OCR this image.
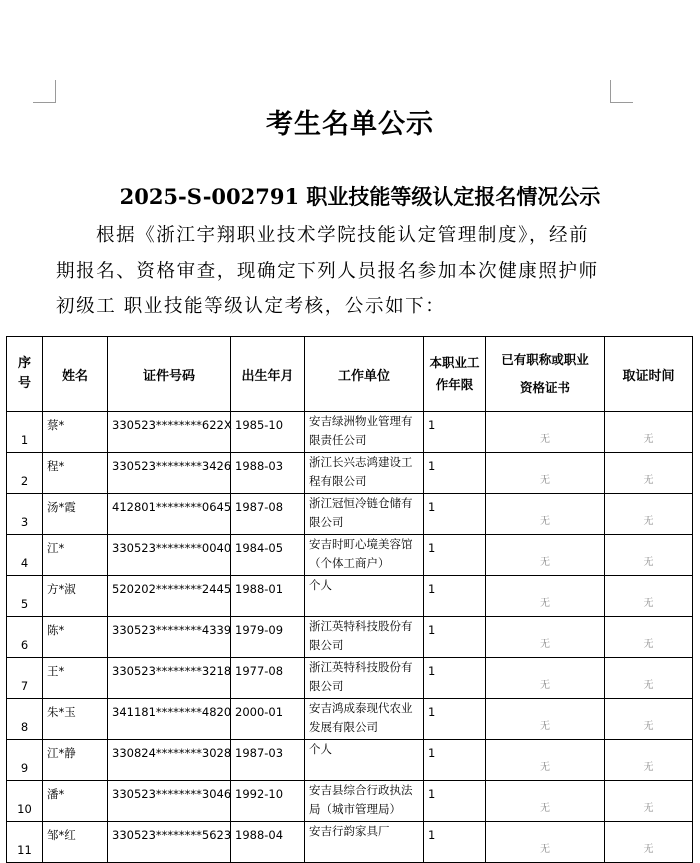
考生名单公示
2025-S-002791 职业技能等级认定报名情况公示

根据《浙江宇翔职业技术学院技能认定管理制度》，经前

期报名、资格审查，现确定下列人员报名参加本次健康照护师

初级工 职业技能等级认定考核，公示如下：

序号	姓名	证件号码	出生年月	工作单位	本职业工作年限	已有职称或职业资格证书	取证时间
1	蔡*	330523********622X	1985-10	安吉绿洲物业管理有限责任公司	1	无	无
2	程*	330523********3426	1988-03	浙江长兴志鸿建设工程有限公司	1	无	无
3	汤*霞	412801********0645	1987-08	浙江冠恒冷链仓储有限公司	1	无	无
4	江*	330523********0040	1984-05	安吉时町心境美容馆（个体工商户）	1	无	无
5	方*淑	520202********2445	1988-01	个人	1	无	无
6	陈*	330523********4339	1979-09	浙江英特科技股份有限公司	1	无	无
7	王*	330523********3218	1977-08	浙江英特科技股份有限公司	1	无	无
8	朱*玉	341181********4820	2000-01	安吉鸿成泰现代农业发展有限公司	1	无	无
9	江*静	330824********3028	1987-03	个人	1	无	无
10	潘*	330523********3046	1992-10	安吉县综合行政执法局（城市管理局）	1	无	无
11	邹*红	330523********5623	1988-04	安吉行韵家具厂	1	无	无
